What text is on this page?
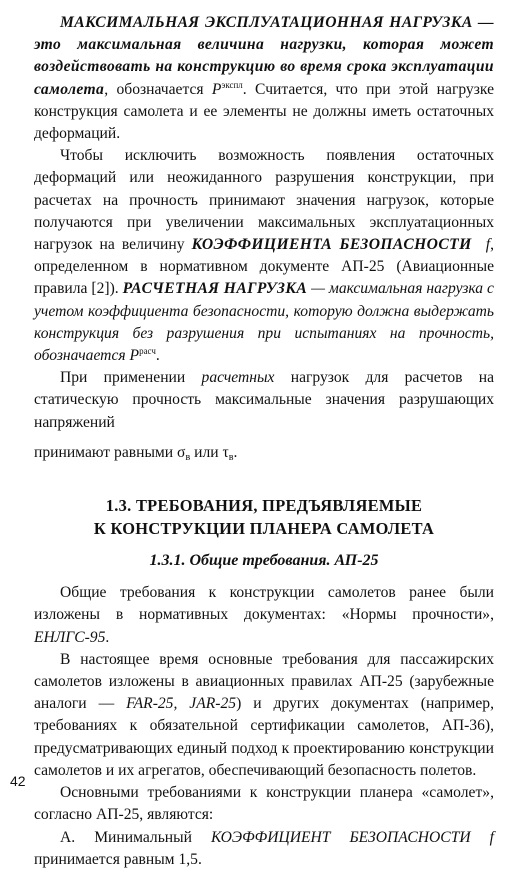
МАКСИМАЛЬНАЯ ЭКСПЛУАТАЦИОННАЯ НАГРУЗКА — это максимальная величина нагрузки, которая может воздействовать на конструкцию во время срока эксплуатации самолета, обозначается $P^{экспл}$. Считается, что при этой нагрузке конструкция самолета и ее элементы не должны иметь остаточных деформаций.

Чтобы исключить возможность появления остаточных деформаций или неожиданного разрушения конструкции, при расчетах на прочность принимают значения нагрузок, которые получаются при увеличении максимальных эксплуатационных нагрузок на величину КОЭФФИЦИЕНТА БЕЗОПАСНОСТИ f, определенном в нормативном документе АП-25 (Авиационные правила [2]). РАСЧЕТНАЯ НАГРУЗКА — максимальная нагрузка с учетом коэффициента безопасности, которую должна выдержать конструкция без разрушения при испытаниях на прочность, обозначается $P^{расч}$.

При применении расчетных нагрузок для расчетов на статическую прочность максимальные значения разрушающих напряжений

принимают равными $\sigma_в$ или $\tau_в$.

1.3. ТРЕБОВАНИЯ, ПРЕДЪЯВЛЯЕМЫЕ
К КОНСТРУКЦИИ ПЛАНЕРА САМОЛЕТА
1.3.1. Общие требования. АП-25

Общие требования к конструкции самолетов ранее были изложены в нормативных документах: «Нормы прочности», ЕНЛГС-95.

В настоящее время основные требования для пассажирских самолетов изложены в авиационных правилах АП-25 (зарубежные аналоги — FAR-25, JAR-25) и других документах (например, требованиях к обязательной сертификации самолетов, АП-36), предусматривающих единый подход к проектированию конструкции самолетов и их агрегатов, обеспечивающий безопасность полетов.

Основными требованиями к конструкции планера «самолет», согласно АП-25, являются:

А. Минимальный КОЭФФИЦИЕНТ БЕЗОПАСНОСТИ f принимается равным 1,5.

42
